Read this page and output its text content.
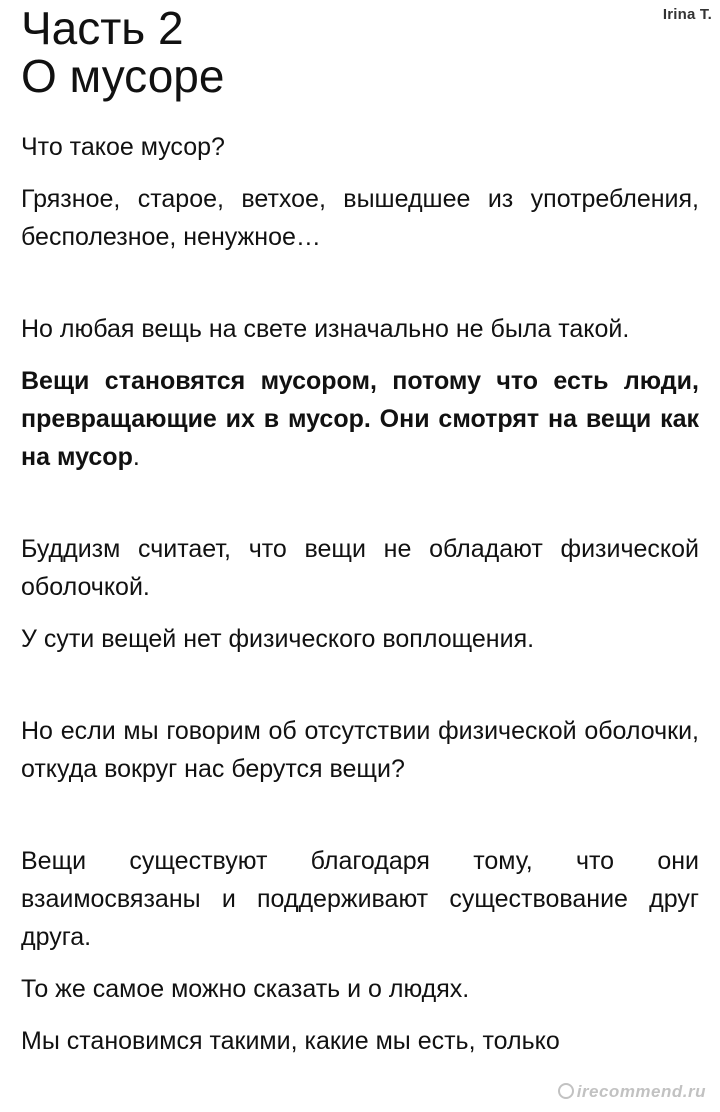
Irina T.
Часть 2
О мусоре

Что такое мусор?

Грязное, старое, ветхое, вышедшее из употребления, бесполезное, ненужное…

Но любая вещь на свете изначально не была такой.

Вещи становятся мусором, потому что есть люди, превращающие их в мусор. Они смотрят на вещи как на мусор.

Буддизм считает, что вещи не обладают физической оболочкой.

У сути вещей нет физического воплощения.

Но если мы говорим об отсутствии физической оболочки, откуда вокруг нас берутся вещи?

Вещи существуют благодаря тому, что они взаимосвязаны и поддерживают существование друг друга.

То же самое можно сказать и о людях.

Мы становимся такими, какие мы есть, только

irecommend.ru
